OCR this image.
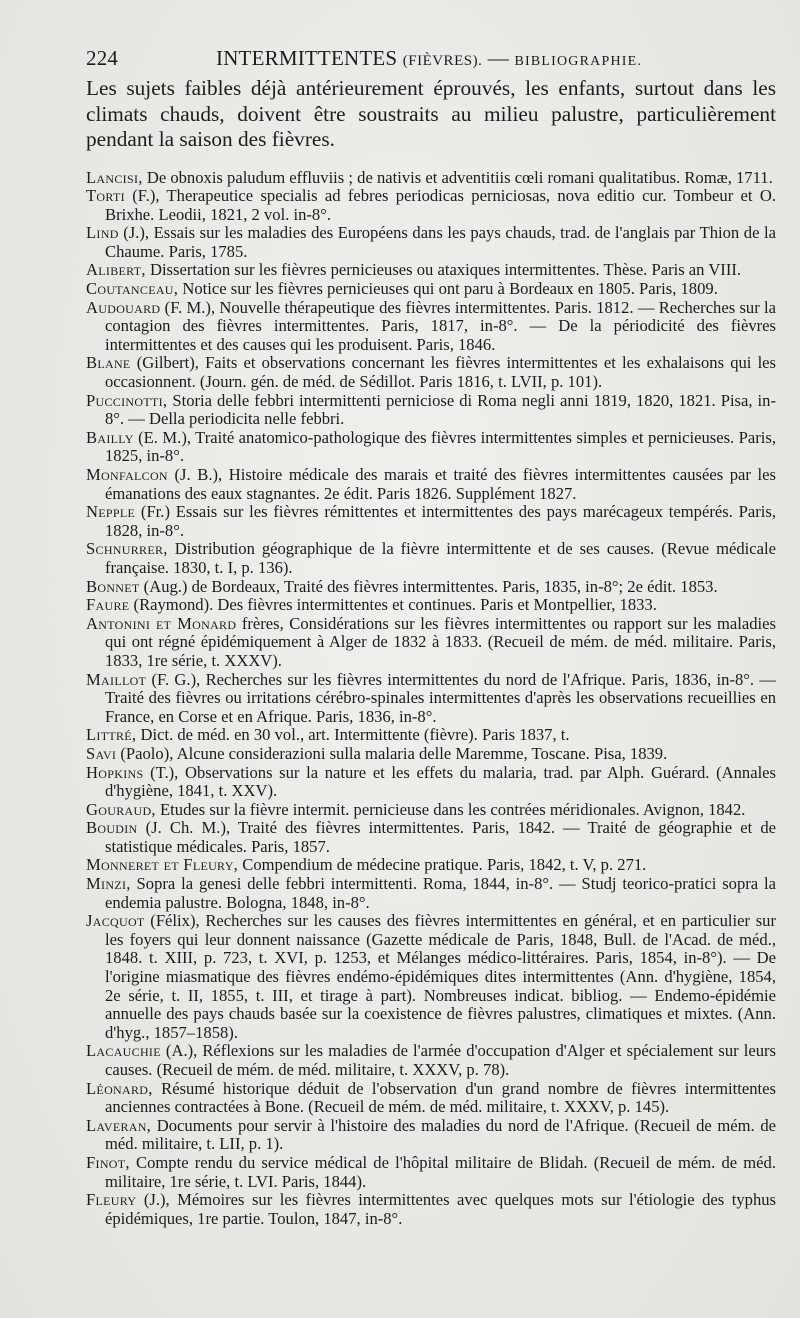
224	INTERMITTENTES (FIÈVRES). — BIBLIOGRAPHIE.

Les sujets faibles déjà antérieurement éprouvés, les enfants, surtout dans les climats chauds, doivent être soustraits au milieu palustre, particulièrement pendant la saison des fièvres.

Lancisi, De obnoxis paludum effluviis ; de nativis et adventitiis cœli romani qualitatibus. Romæ, 1711.

Torti (F.), Therapeutice specialis ad febres periodicas perniciosas, nova editio cur. Tombeur et O. Brixhe. Leodii, 1821, 2 vol. in-8°.

Lind (J.), Essais sur les maladies des Européens dans les pays chauds, trad. de l'anglais par Thion de la Chaume. Paris, 1785.

Alibert, Dissertation sur les fièvres pernicieuses ou ataxiques intermittentes. Thèse. Paris an VIII.

Coutanceau, Notice sur les fièvres pernicieuses qui ont paru à Bordeaux en 1805. Paris, 1809.

Audouard (F. M.), Nouvelle thérapeutique des fièvres intermittentes. Paris. 1812. — Recherches sur la contagion des fièvres intermittentes. Paris, 1817, in-8°. — De la périodicité des fièvres intermittentes et des causes qui les produisent. Paris, 1846.

Blane (Gilbert), Faits et observations concernant les fièvres intermittentes et les exhalaisons qui les occasionnent. (Journ. gén. de méd. de Sédillot. Paris 1816, t. LVII, p. 101).

Puccinotti, Storia delle febbri intermittenti perniciose di Roma negli anni 1819, 1820, 1821. Pisa, in-8°. — Della periodicita nelle febbri.

Bailly (E. M.), Traité anatomico-pathologique des fièvres intermittentes simples et pernicieuses. Paris, 1825, in-8°.

Monfalcon (J. B.), Histoire médicale des marais et traité des fièvres intermittentes causées par les émanations des eaux stagnantes. 2e édit. Paris 1826. Supplément 1827.

Nepple (Fr.) Essais sur les fièvres rémittentes et intermittentes des pays marécageux tempérés. Paris, 1828, in-8°.

Schnurrer, Distribution géographique de la fièvre intermittente et de ses causes. (Revue médicale française. 1830, t. I, p. 136).

Bonnet (Aug.) de Bordeaux, Traité des fièvres intermittentes. Paris, 1835, in-8°; 2e édit. 1853.

Faure (Raymond). Des fièvres intermittentes et continues. Paris et Montpellier, 1833.

Antonini et Monard frères, Considérations sur les fièvres intermittentes ou rapport sur les maladies qui ont régné épidémiquement à Alger de 1832 à 1833. (Recueil de mém. de méd. militaire. Paris, 1833, 1re série, t. XXXV).

Maillot (F. G.), Recherches sur les fièvres intermittentes du nord de l'Afrique. Paris, 1836, in-8°. — Traité des fièvres ou irritations cérébro-spinales intermittentes d'après les observations recueillies en France, en Corse et en Afrique. Paris, 1836, in-8°.

Littré, Dict. de méd. en 30 vol., art. Intermittente (fièvre). Paris 1837, t.

Savi (Paolo), Alcune considerazioni sulla malaria delle Maremme, Toscane. Pisa, 1839.

Hopkins (T.), Observations sur la nature et les effets du malaria, trad. par Alph. Guérard. (Annales d'hygiène, 1841, t. XXV).

Gouraud, Etudes sur la fièvre intermit. pernicieuse dans les contrées méridionales. Avignon, 1842.

Boudin (J. Ch. M.), Traité des fièvres intermittentes. Paris, 1842. — Traité de géographie et de statistique médicales. Paris, 1857.

Monneret et Fleury, Compendium de médecine pratique. Paris, 1842, t. V, p. 271.

Minzi, Sopra la genesi delle febbri intermittenti. Roma, 1844, in-8°. — Studj teorico-pratici sopra la endemia palustre. Bologna, 1848, in-8°.

Jacquot (Félix), Recherches sur les causes des fièvres intermittentes en général, et en particulier sur les foyers qui leur donnent naissance (Gazette médicale de Paris, 1848, Bull. de l'Acad. de méd., 1848. t. XIII, p. 723, t. XVI, p. 1253, et Mélanges médico-littéraires. Paris, 1854, in-8°). — De l'origine miasmatique des fièvres endémo-épidémiques dites intermittentes (Ann. d'hygiène, 1854, 2e série, t. II, 1855, t. III, et tirage à part). Nombreuses indicat. bibliog. — Endemo-épidémie annuelle des pays chauds basée sur la coexistence de fièvres palustres, climatiques et mixtes. (Ann. d'hyg., 1857–1858).

Lacauchie (A.), Réflexions sur les maladies de l'armée d'occupation d'Alger et spécialement sur leurs causes. (Recueil de mém. de méd. militaire, t. XXXV, p. 78).

Léonard, Résumé historique déduit de l'observation d'un grand nombre de fièvres intermittentes anciennes contractées à Bone. (Recueil de mém. de méd. militaire, t. XXXV, p. 145).

Laveran, Documents pour servir à l'histoire des maladies du nord de l'Afrique. (Recueil de mém. de méd. militaire, t. LII, p. 1).

Finot, Compte rendu du service médical de l'hôpital militaire de Blidah. (Recueil de mém. de méd. militaire, 1re série, t. LVI. Paris, 1844).

Fleury (J.), Mémoires sur les fièvres intermittentes avec quelques mots sur l'étiologie des typhus épidémiques, 1re partie. Toulon, 1847, in-8°.
